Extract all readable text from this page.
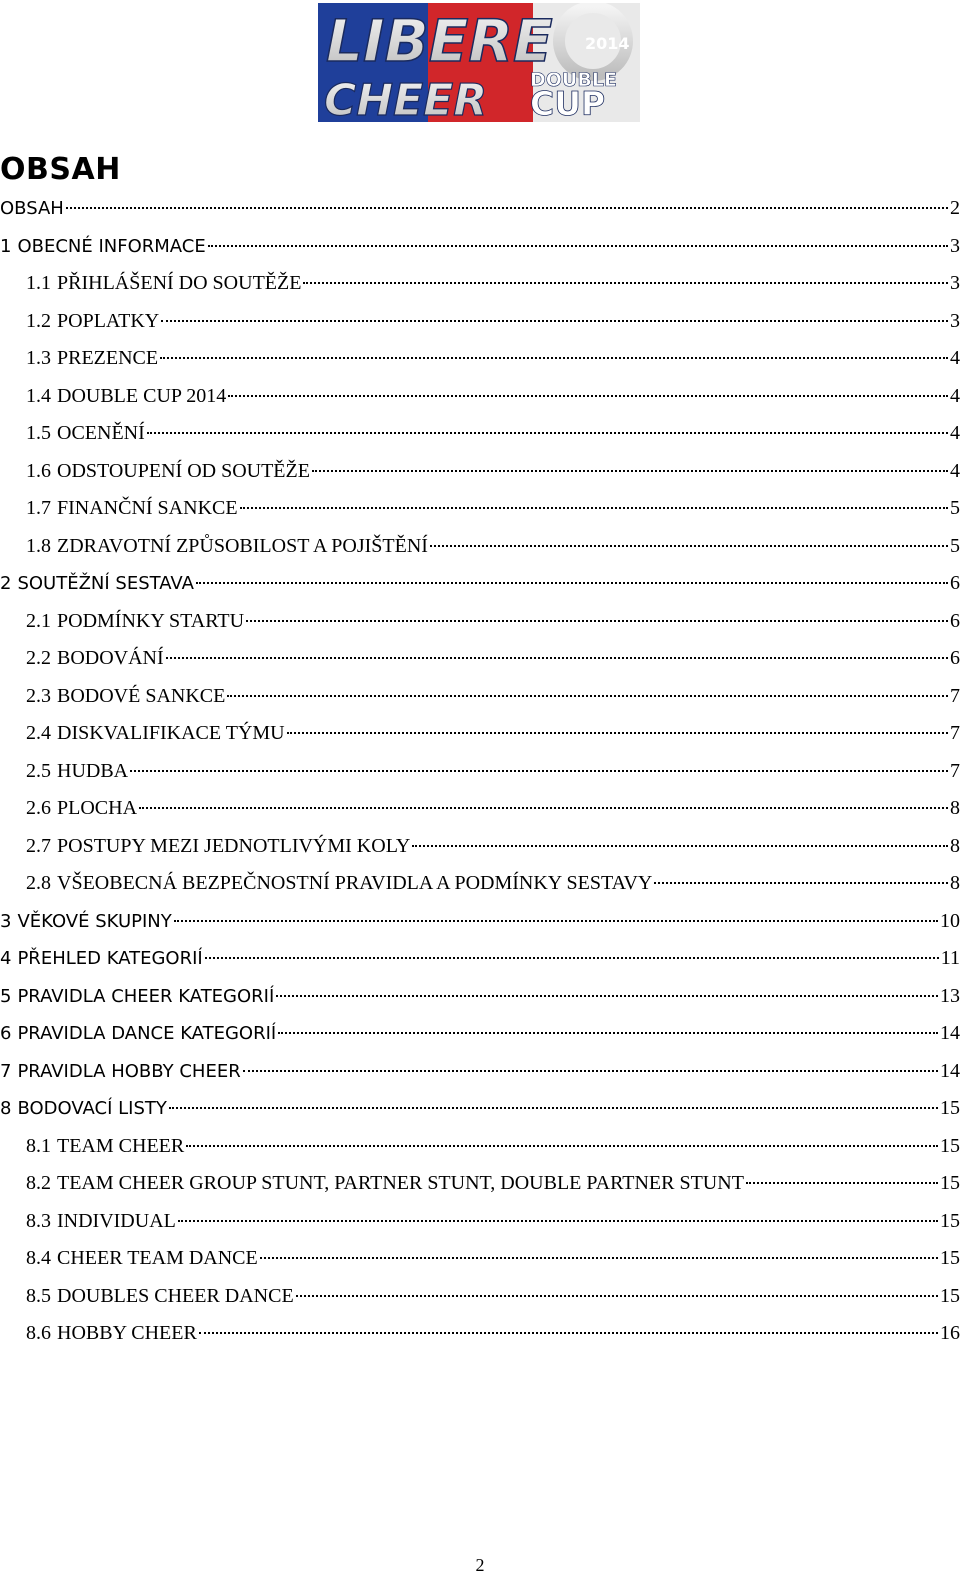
LIBERE 2014
CHEER DOUBLE
CUP
OBSAH
OBSAH	2
1 OBECNÉ INFORMACE	3
1.1 PŘIHLÁŠENÍ DO SOUTĚŽE	3
1.2 POPLATKY	3
1.3 PREZENCE	4
1.4 DOUBLE CUP 2014	4
1.5 OCENĚNÍ	4
1.6 ODSTOUPENÍ OD SOUTĚŽE	4
1.7 FINANČNÍ SANKCE	5
1.8 ZDRAVOTNÍ ZPŮSOBILOST A POJIŠTĚNÍ	5
2 SOUTĚŽNÍ SESTAVA	6
2.1 PODMÍNKY STARTU	6
2.2 BODOVÁNÍ	6
2.3 BODOVÉ SANKCE	7
2.4 DISKVALIFIKACE TÝMU	7
2.5 HUDBA	7
2.6 PLOCHA	8
2.7 POSTUPY MEZI JEDNOTLIVÝMI KOLY	8
2.8 VŠEOBECNÁ BEZPEČNOSTNÍ PRAVIDLA A PODMÍNKY SESTAVY	8
3 VĚKOVÉ SKUPINY	10
4 PŘEHLED KATEGORIÍ	11
5 PRAVIDLA CHEER KATEGORIÍ	13
6 PRAVIDLA DANCE KATEGORIÍ	14
7 PRAVIDLA HOBBY CHEER	14
8 BODOVACÍ LISTY	15
8.1 TEAM CHEER	15
8.2 TEAM CHEER GROUP STUNT, PARTNER STUNT, DOUBLE PARTNER STUNT	15
8.3 INDIVIDUAL	15
8.4 CHEER TEAM DANCE	15
8.5 DOUBLES CHEER DANCE	15
8.6 HOBBY CHEER	16
2
